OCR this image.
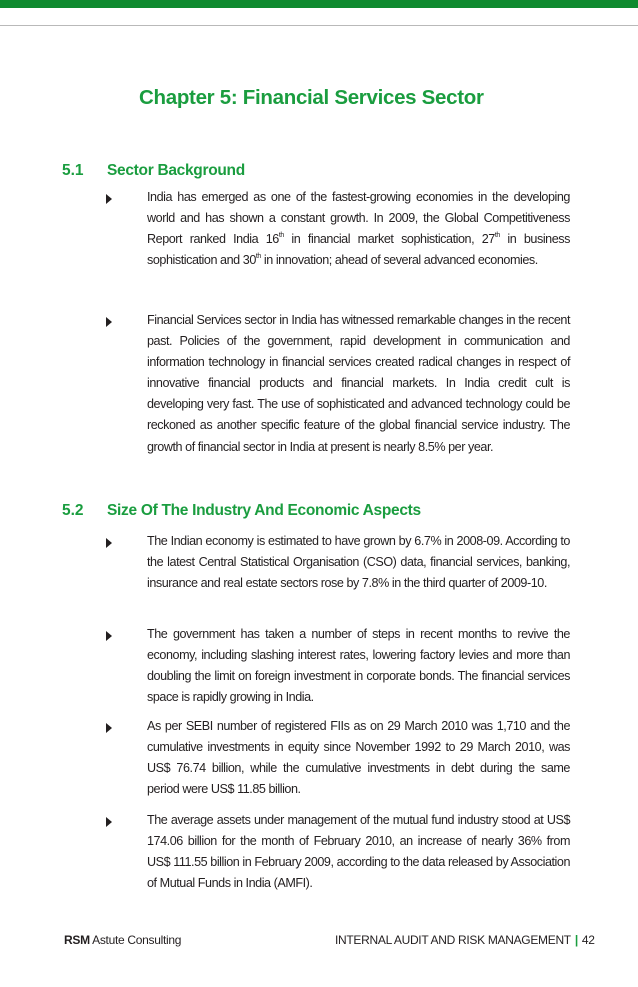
Chapter 5: Financial Services Sector
5.1 Sector Background
India has emerged as one of the fastest-growing economies in the developing world and has shown a constant growth. In 2009, the Global Competitiveness Report ranked India 16th in financial market sophistication, 27th in business sophistication and 30th in innovation; ahead of several advanced economies.
Financial Services sector in India has witnessed remarkable changes in the recent past. Policies of the government, rapid development in communication and information technology in financial services created radical changes in respect of innovative financial products and financial markets. In India credit cult is developing very fast. The use of sophisticated and advanced technology could be reckoned as another specific feature of the global financial service industry. The growth of financial sector in India at present is nearly 8.5% per year.
5.2 Size Of The Industry And Economic Aspects
The Indian economy is estimated to have grown by 6.7% in 2008-09. According to the latest Central Statistical Organisation (CSO) data, financial services, banking, insurance and real estate sectors rose by 7.8% in the third quarter of 2009-10.
The government has taken a number of steps in recent months to revive the economy, including slashing interest rates, lowering factory levies and more than doubling the limit on foreign investment in corporate bonds. The financial services space is rapidly growing in India.
As per SEBI number of registered FIIs as on 29 March 2010 was 1,710 and the cumulative investments in equity since November 1992 to 29 March 2010, was US$ 76.74 billion, while the cumulative investments in debt during the same period were US$ 11.85 billion.
The average assets under management of the mutual fund industry stood at US$ 174.06 billion for the month of February 2010, an increase of nearly 36% from US$ 111.55 billion in February 2009, according to the data released by Association of Mutual Funds in India (AMFI).
RSM Astute Consulting	INTERNAL AUDIT AND RISK MANAGEMENT | 42
